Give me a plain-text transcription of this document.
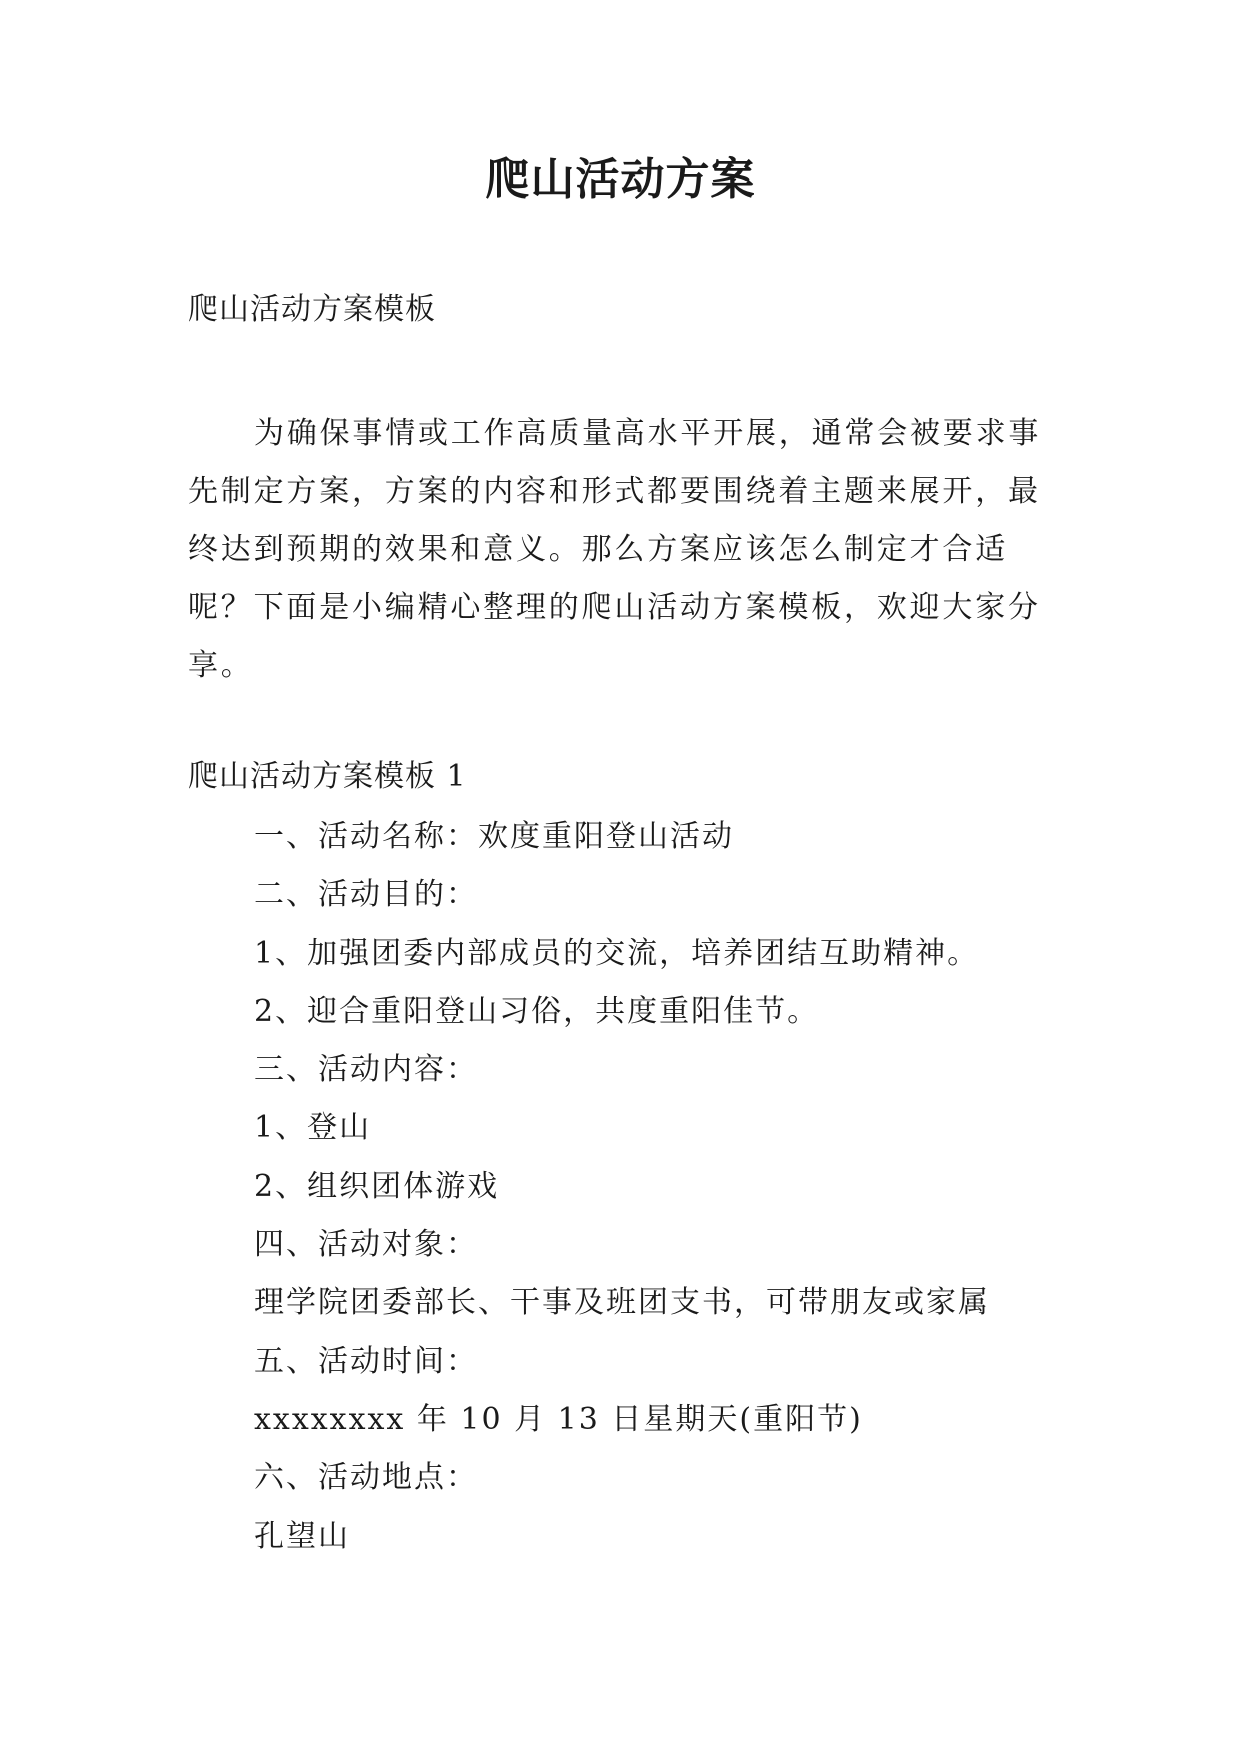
爬山活动方案
爬山活动方案模板

为确保事情或工作高质量高水平开展，通常会被要求事先制定方案，方案的内容和形式都要围绕着主题来展开，最终达到预期的效果和意义。那么方案应该怎么制定才合适呢？下面是小编精心整理的爬山活动方案模板，欢迎大家分享。

爬山活动方案模板 1
一、活动名称：欢度重阳登山活动
二、活动目的：
1、加强团委内部成员的交流，培养团结互助精神。
2、迎合重阳登山习俗，共度重阳佳节。
三、活动内容：
1、登山
2、组织团体游戏
四、活动对象：
理学院团委部长、干事及班团支书，可带朋友或家属
五、活动时间：
xxxxxxxx 年 10 月 13 日星期天(重阳节)
六、活动地点：
孔望山
